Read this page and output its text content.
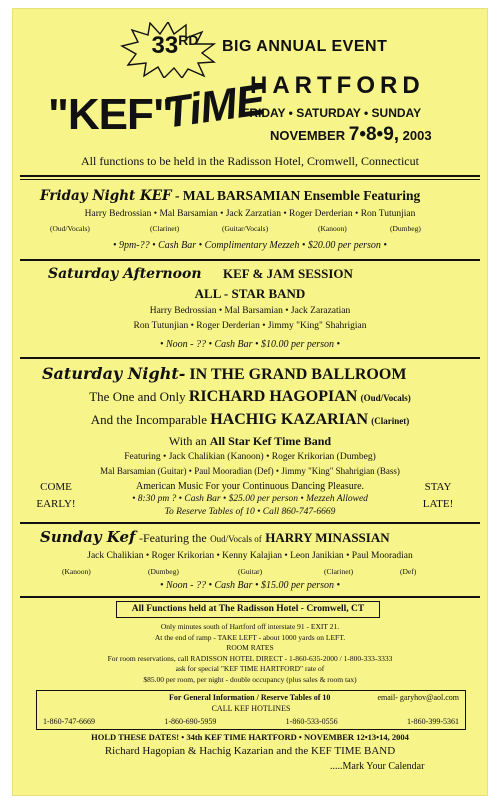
33RD	BIG ANNUAL EVENT
"KEF"
TiME
HARTFORD
FRIDAY • SATURDAY • SUNDAY
NOVEMBER 7•8•9, 2003
All functions to be held in the Radisson Hotel, Cromwell, Connecticut
Friday Night KEF - MAL BARSAMIAN Ensemble Featuring
Harry Bedrossian • Mal Barsamian • Jack Zarzatian • Roger Derderian • Ron Tutunjian
(Oud/Vocals)	(Clarinet)	(Guitar/Vocals)	(Kanoon)	(Dumbeg)
• 9pm-?? • Cash Bar • Complimentary Mezzeh • $20.00 per person •
Saturday Afternoon KEF & JAM SESSION
ALL - STAR BAND
Harry Bedrossian • Mal Barsamian • Jack Zarazatian
Ron Tutunjian • Roger Derderian • Jimmy "King" Shahrigian
• Noon - ?? • Cash Bar • $10.00 per person •
Saturday Night- IN THE GRAND BALLROOM
The One and Only RICHARD HAGOPIAN (Oud/Vocals)
And the Incomparable HACHIG KAZARIAN (Clarinet)
With an All Star Kef Time Band
Featuring • Jack Chalikian (Kanoon) • Roger Krikorian (Dumbeg)
Mal Barsamian (Guitar) • Paul Mooradian (Def) • Jimmy "King" Shahrigian (Bass)
COME
EARLY!
STAY
LATE!
American Music For your Continuous Dancing Pleasure.
• 8:30 pm ? • Cash Bar • $25.00 per person • Mezzeh Allowed
To Reserve Tables of 10 • Call 860-747-6669
Sunday Kef -Featuring the Oud/Vocals of HARRY MINASSIAN
Jack Chalikian • Roger Krikorian • Kenny Kalajian • Leon Janikian • Paul Mooradian
(Kanoon)	(Dumbeg)	(Guitar)	(Clarinet)	(Def)
• Noon - ?? • Cash Bar • $15.00 per person •
All Functions held at The Radisson Hotel - Cromwell, CT
Only minutes south of Hartford off interstate 91 - EXIT 21.
At the end of ramp - TAKE LEFT - about 1000 yards on LEFT.
ROOM RATES
For room reservations, call RADISSON HOTEL DIRECT - 1-860-635-2000 / 1-800-333-3333
ask for special "KEF TIME HARTFORD" rate of
$85.00 per room, per night - double occupancy (plus sales & room tax)
For General Information / Reserve Tables of 10	email- garyhov@aol.com
CALL KEF HOTLINES
1-860-747-6669	1-860-690-5959	1-860-533-0556	1-860-399-5361
HOLD THESE DATES! • 34th KEF TIME HARTFORD • NOVEMBER 12•13•14, 2004
Richard Hagopian & Hachig Kazarian and the KEF TIME BAND
.....Mark Your Calendar
